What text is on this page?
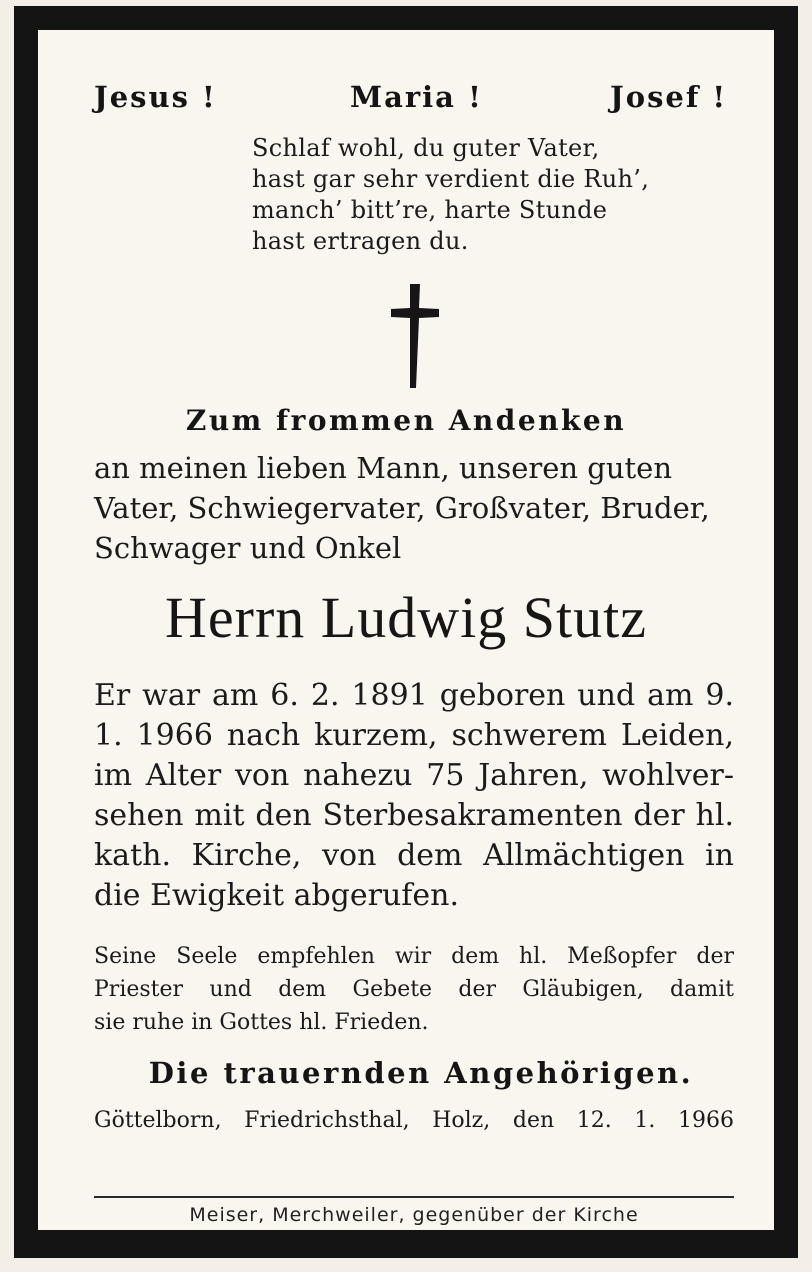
Jesus !	Maria !	Josef !
Schlaf wohl, du guter Vater,
hast gar sehr verdient die Ruh’,
manch’ bitt’re, harte Stunde
hast ertragen du.
Zum frommen Andenken
an meinen lieben Mann, unseren guten
Vater, Schwiegervater, Großvater, Bruder,
Schwager und Onkel
Herrn Ludwig Stutz
Er war am 6. 2. 1891 geboren und am 9.
1. 1966 nach kurzem, schwerem Leiden,
im Alter von nahezu 75 Jahren, wohlver-
sehen mit den Sterbesakramenten der hl.
kath. Kirche, von dem Allmächtigen in
die Ewigkeit abgerufen.
Seine Seele empfehlen wir dem hl. Meßopfer der
Priester und dem Gebete der Gläubigen, damit
sie ruhe in Gottes hl. Frieden.
Die trauernden Angehörigen.
Göttelborn, Friedrichsthal, Holz, den 12. 1. 1966
Meiser, Merchweiler, gegenüber der Kirche
